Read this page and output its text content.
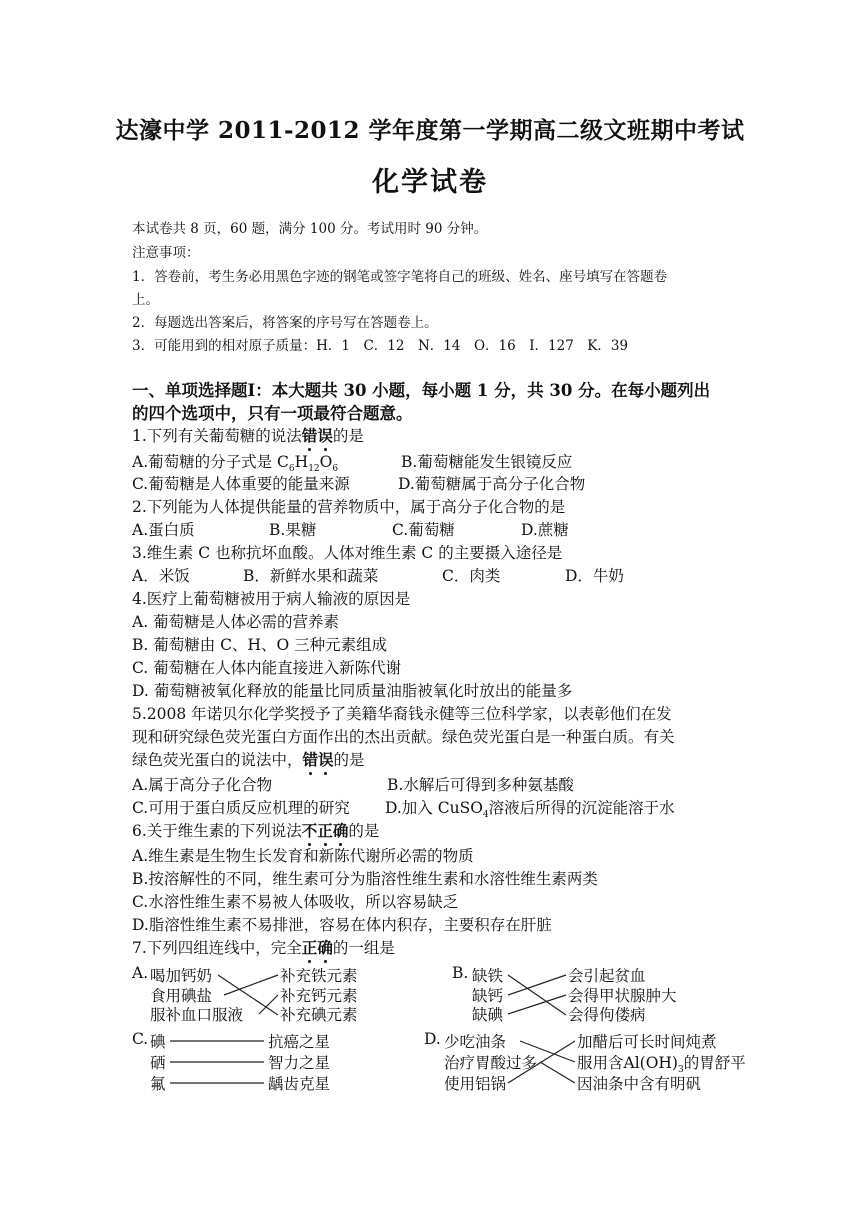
达濠中学 2011-2012 学年度第一学期高二级文班期中考试
化学试卷
本试卷共 8 页，60 题，满分 100 分。考试用时 90 分钟。
注意事项：
1．答卷前，考生务必用黑色字迹的钢笔或签字笔将自己的班级、姓名、座号填写在答题卷
上。
2．每题选出答案后，将答案的序号写在答题卷上。
3．可能用到的相对原子质量：H．1　C．12　N．14　O．16　I．127　K．39
一、单项选择题Ⅰ：本大题共 30 小题，每小题 1 分，共 30 分。在每小题列出
的四个选项中，只有一项最符合题意。
1.下列有关葡萄糖的说法错误的是
A.葡萄糖的分子式是 $C_6H_{12}O_6$	B.葡萄糖能发生银镜反应
C.葡萄糖是人体重要的能量来源	D.葡萄糖属于高分子化合物
2.下列能为人体提供能量的营养物质中，属于高分子化合物的是
A.蛋白质	B.果糖	C.葡萄糖	D.蔗糖
3.维生素 C 也称抗坏血酸。人体对维生素 C 的主要摄入途径是
A．米饭	B．新鲜水果和蔬菜	C．肉类	D．牛奶
4.医疗上葡萄糖被用于病人输液的原因是
A. 葡萄糖是人体必需的营养素
B. 葡萄糖由 C、H、O 三种元素组成
C. 葡萄糖在人体内能直接进入新陈代谢
D. 葡萄糖被氧化释放的能量比同质量油脂被氧化时放出的能量多
5.2008 年诺贝尔化学奖授予了美籍华裔钱永健等三位科学家，以表彰他们在发
现和研究绿色荧光蛋白方面作出的杰出贡献。绿色荧光蛋白是一种蛋白质。有关
绿色荧光蛋白的说法中，错误的是
A.属于高分子化合物	B.水解后可得到多种氨基酸
C.可用于蛋白质反应机理的研究 D.加入 CuSO$_4$溶液后所得的沉淀能溶于水
6.关于维生素的下列说法不正确的是
A.维生素是生物生长发育和新陈代谢所必需的物质
B.按溶解性的不同，维生素可分为脂溶性维生素和水溶性维生素两类
C.水溶性维生素不易被人体吸收，所以容易缺乏
D.脂溶性维生素不易排泄，容易在体内积存，主要积存在肝脏
7.下列四组连线中，完全正确的一组是
A. 喝加钙奶
食用碘盐
服补血口服液
补充铁元素
补充钙元素
补充碘元素
B. 缺铁
缺钙
缺碘
会引起贫血
会得甲状腺肿大
会得佝偻病
C. 碘
硒
氟
抗癌之星
智力之星
龋齿克星
D. 少吃油条
治疗胃酸过多
使用铝锅
加醋后可长时间炖煮
服用含$Al(OH)_3$的胃舒平
因油条中含有明矾
